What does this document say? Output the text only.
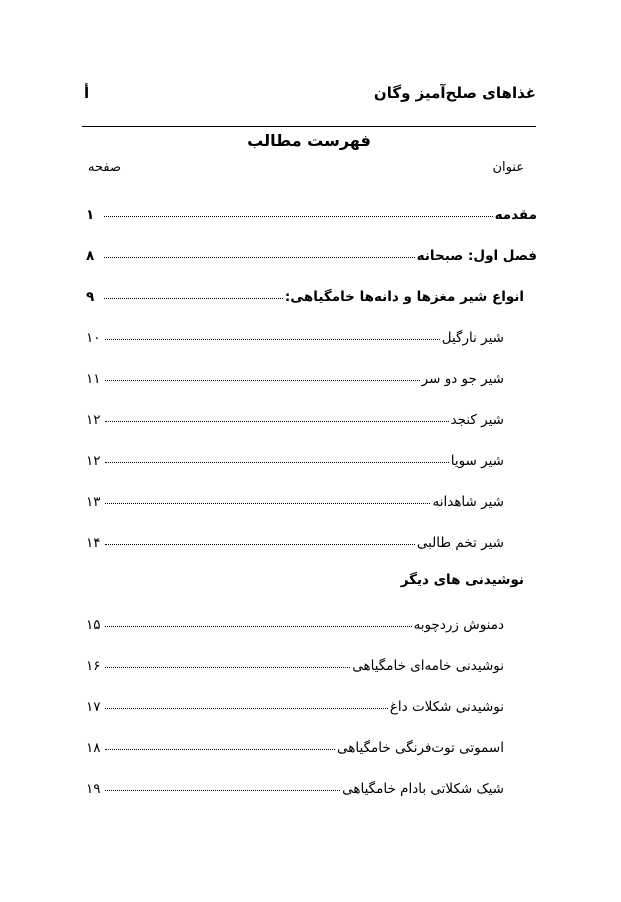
غذاهای صلح‌آمیز وگان
أ
فهرست مطالب
عنوان
صفحه
مقدمه
۱
فصل اول: صبحانه
۸
انواع شیر مغزها و دانه‌ها خامگیاهی:
۹
شیر نارگیل
۱۰
شیر جو دو سر
۱۱
شیر کنجد
۱۲
شیر سویا
۱۲
شیر شاهدانه
۱۳
شیر تخم طالبی
۱۴
نوشیدنی های دیگر
دمنوش زردچوبه
۱۵
نوشیدنی خامه‌ای خامگیاهی
۱۶
نوشیدنی شکلات داغ
۱۷
اسموتی توت‌فرنگی خامگیاهی
۱۸
شیک شکلاتی بادام خامگیاهی
۱۹
